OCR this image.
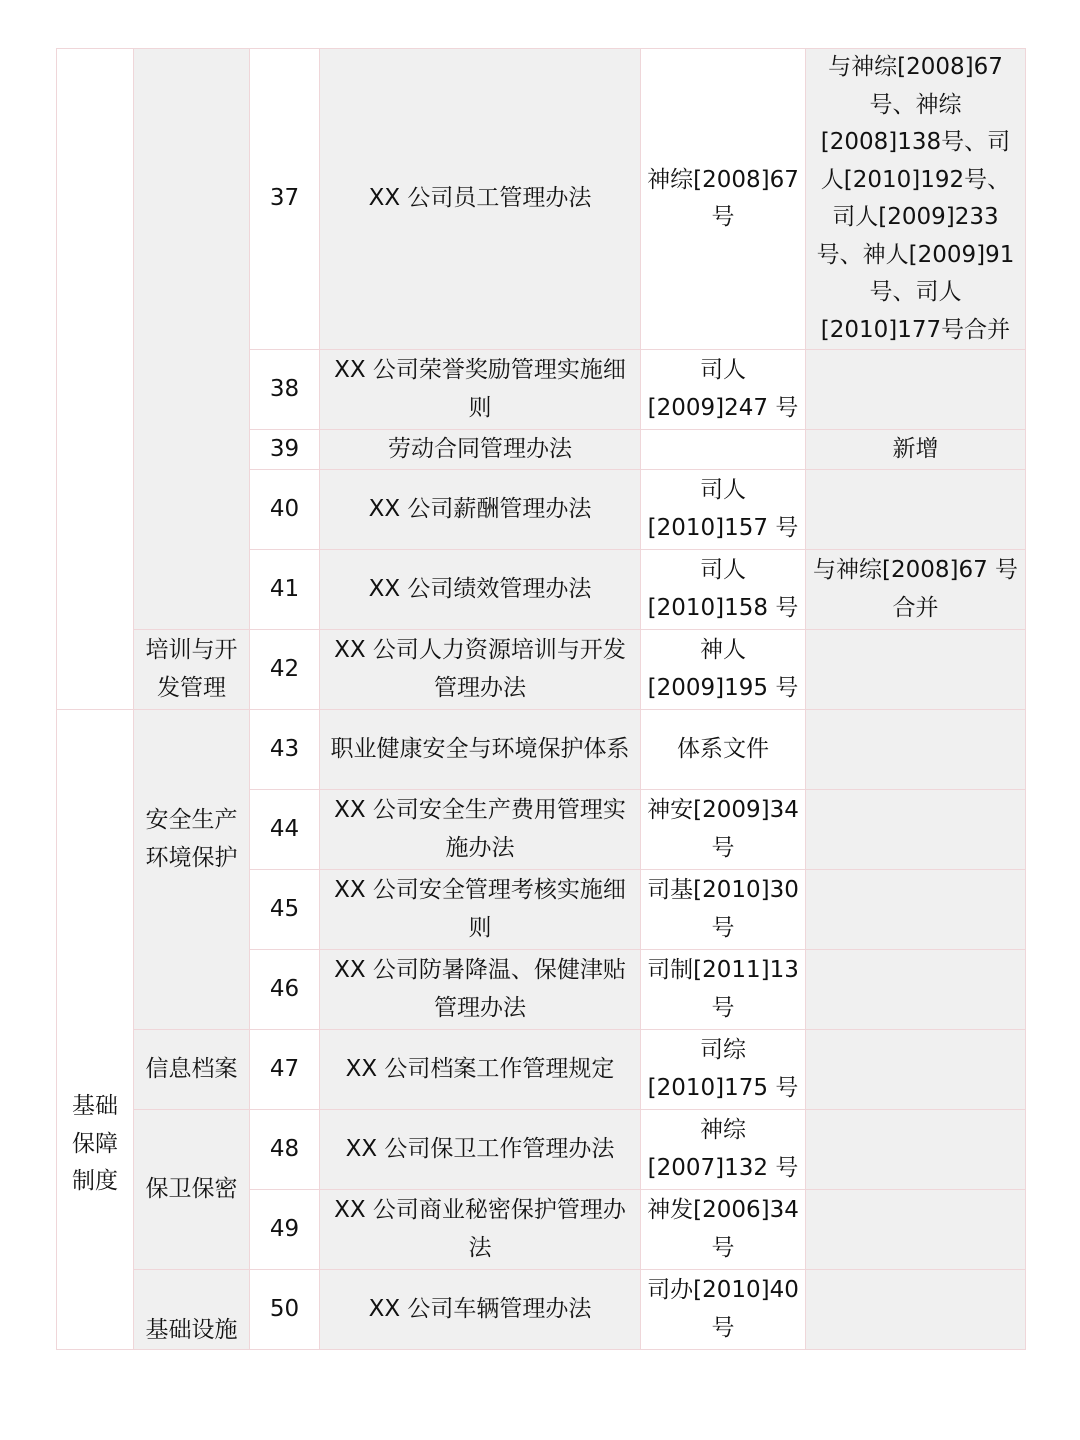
		37	XX 公司员工管理办法	神综[2008]67 号	与神综[2008]67号、神综[2008]138号、司人[2010]192号、司人[2009]233号、神人[2009]91号、司人[2010]177号合并
		38	XX 公司荣誉奖励管理实施细则	司人[2009]247 号	
		39	劳动合同管理办法		新增
		40	XX 公司薪酬管理办法	司人[2010]157 号	
		41	XX 公司绩效管理办法	司人[2010]158 号	与神综[2008]67 号合并
	培训与开发管理	42	XX 公司人力资源培训与开发管理办法	神人[2009]195 号	
基础保障制度	安全生产环境保护	43	职业健康安全与环境保护体系	体系文件	
		44	XX 公司安全生产费用管理实施办法	神安[2009]34 号	
		45	XX 公司安全管理考核实施细则	司基[2010]30 号	
		46	XX 公司防暑降温、保健津贴管理办法	司制[2011]13 号	
	信息档案	47	XX 公司档案工作管理规定	司综[2010]175 号	
	保卫保密	48	XX 公司保卫工作管理办法	神综[2007]132 号	
		49	XX 公司商业秘密保护管理办法	神发[2006]34 号	
	基础设施	50	XX 公司车辆管理办法	司办[2010]40 号	
